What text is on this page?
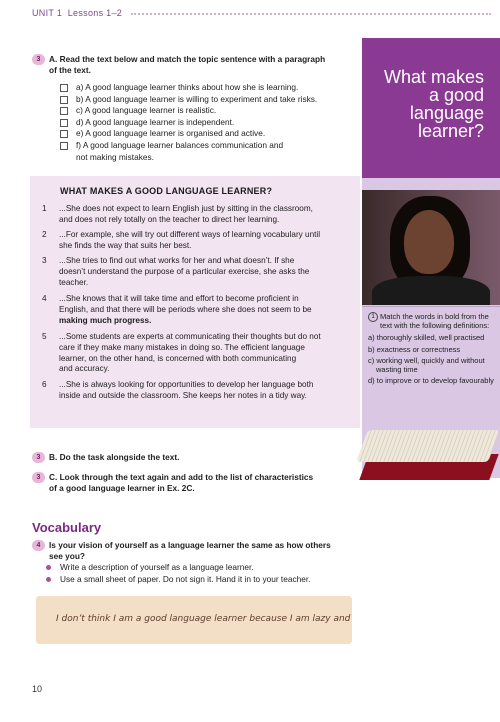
UNIT 1 Lessons 1–2
What makes a good language learner?
1 Match the words in bold from the text with the following definitions:
a) thoroughly skilled, well practised
b) exactness or correctness
c) working well, quickly and without wasting time
d) to improve or to develop favourably
3 A. Read the text below and match the topic sentence with a paragraph
of the text.
a) A good language learner thinks about how she is learning.
b) A good language learner is willing to experiment and take risks.
c) A good language learner is realistic.
d) A good language learner is independent.
e) A good language learner is organised and active.
f) A good language learner balances communication and
not making mistakes.
WHAT MAKES A GOOD LANGUAGE LEARNER?
1	...She does not expect to learn English just by sitting in the classroom,
and does not rely totally on the teacher to direct her learning.
2	...For example, she will try out different ways of learning vocabulary until
she finds the way that suits her best.
3	...She tries to find out what works for her and what doesn’t. If she
doesn’t understand the purpose of a particular exercise, she asks the
teacher.
4	...She knows that it will take time and effort to become proficient in
English, and that there will be periods where she does not seem to be
making much progress.
5	...Some students are experts at communicating their thoughts but do not
care if they make many mistakes in doing so. The efficient language
learner, on the other hand, is concerned with both communicating
and accuracy.
6	...She is always looking for opportunities to develop her language both
inside and outside the classroom. She keeps her notes in a tidy way.
3 B. Do the task alongside the text.
3 C. Look through the text again and add to the list of characteristics
of a good language learner in Ex. 2C.
Vocabulary
4 Is your vision of yourself as a language learner the same as how others
see you?
Write a description of yourself as a language learner.
Use a small sheet of paper. Do not sign it. Hand it in to your teacher.
I don’t think I am a good language learner because I am lazy and
10
